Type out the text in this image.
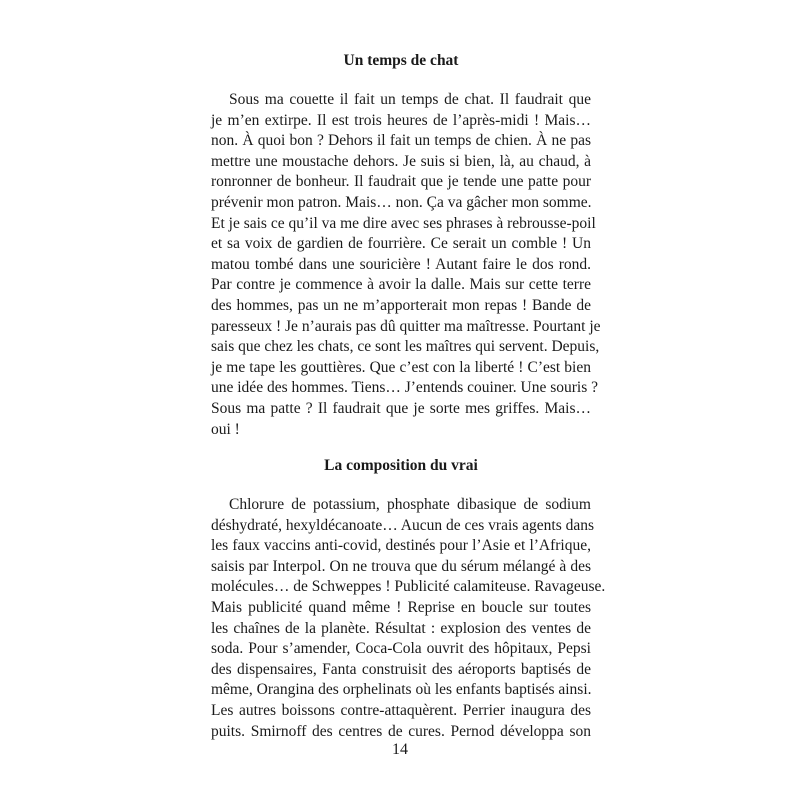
Un temps de chat
Sous ma couette il fait un temps de chat. Il faudrait que
je m’en extirpe. Il est trois heures de l’après-midi ! Mais…
non. À quoi bon ? Dehors il fait un temps de chien. À ne pas
mettre une moustache dehors. Je suis si bien, là, au chaud, à
ronronner de bonheur. Il faudrait que je tende une patte pour
prévenir mon patron. Mais… non. Ça va gâcher mon somme.
Et je sais ce qu’il va me dire avec ses phrases à rebrousse-poil
et sa voix de gardien de fourrière. Ce serait un comble ! Un
matou tombé dans une souricière ! Autant faire le dos rond.
Par contre je commence à avoir la dalle. Mais sur cette terre
des hommes, pas un ne m’apporterait mon repas ! Bande de
paresseux ! Je n’aurais pas dû quitter ma maîtresse. Pourtant je
sais que chez les chats, ce sont les maîtres qui servent. Depuis,
je me tape les gouttières. Que c’est con la liberté ! C’est bien
une idée des hommes. Tiens… J’entends couiner. Une souris ?
Sous ma patte ? Il faudrait que je sorte mes griffes. Mais…
oui !
La composition du vrai
Chlorure de potassium, phosphate dibasique de sodium
déshydraté, hexyldécanoate… Aucun de ces vrais agents dans
les faux vaccins anti-covid, destinés pour l’Asie et l’Afrique,
saisis par Interpol. On ne trouva que du sérum mélangé à des
molécules… de Schweppes ! Publicité calamiteuse. Ravageuse.
Mais publicité quand même ! Reprise en boucle sur toutes
les chaînes de la planète. Résultat : explosion des ventes de
soda. Pour s’amender, Coca-Cola ouvrit des hôpitaux, Pepsi
des dispensaires, Fanta construisit des aéroports baptisés de
même, Orangina des orphelinats où les enfants baptisés ainsi.
Les autres boissons contre-attaquèrent. Perrier inaugura des
puits. Smirnoff des centres de cures. Pernod développa son
14
